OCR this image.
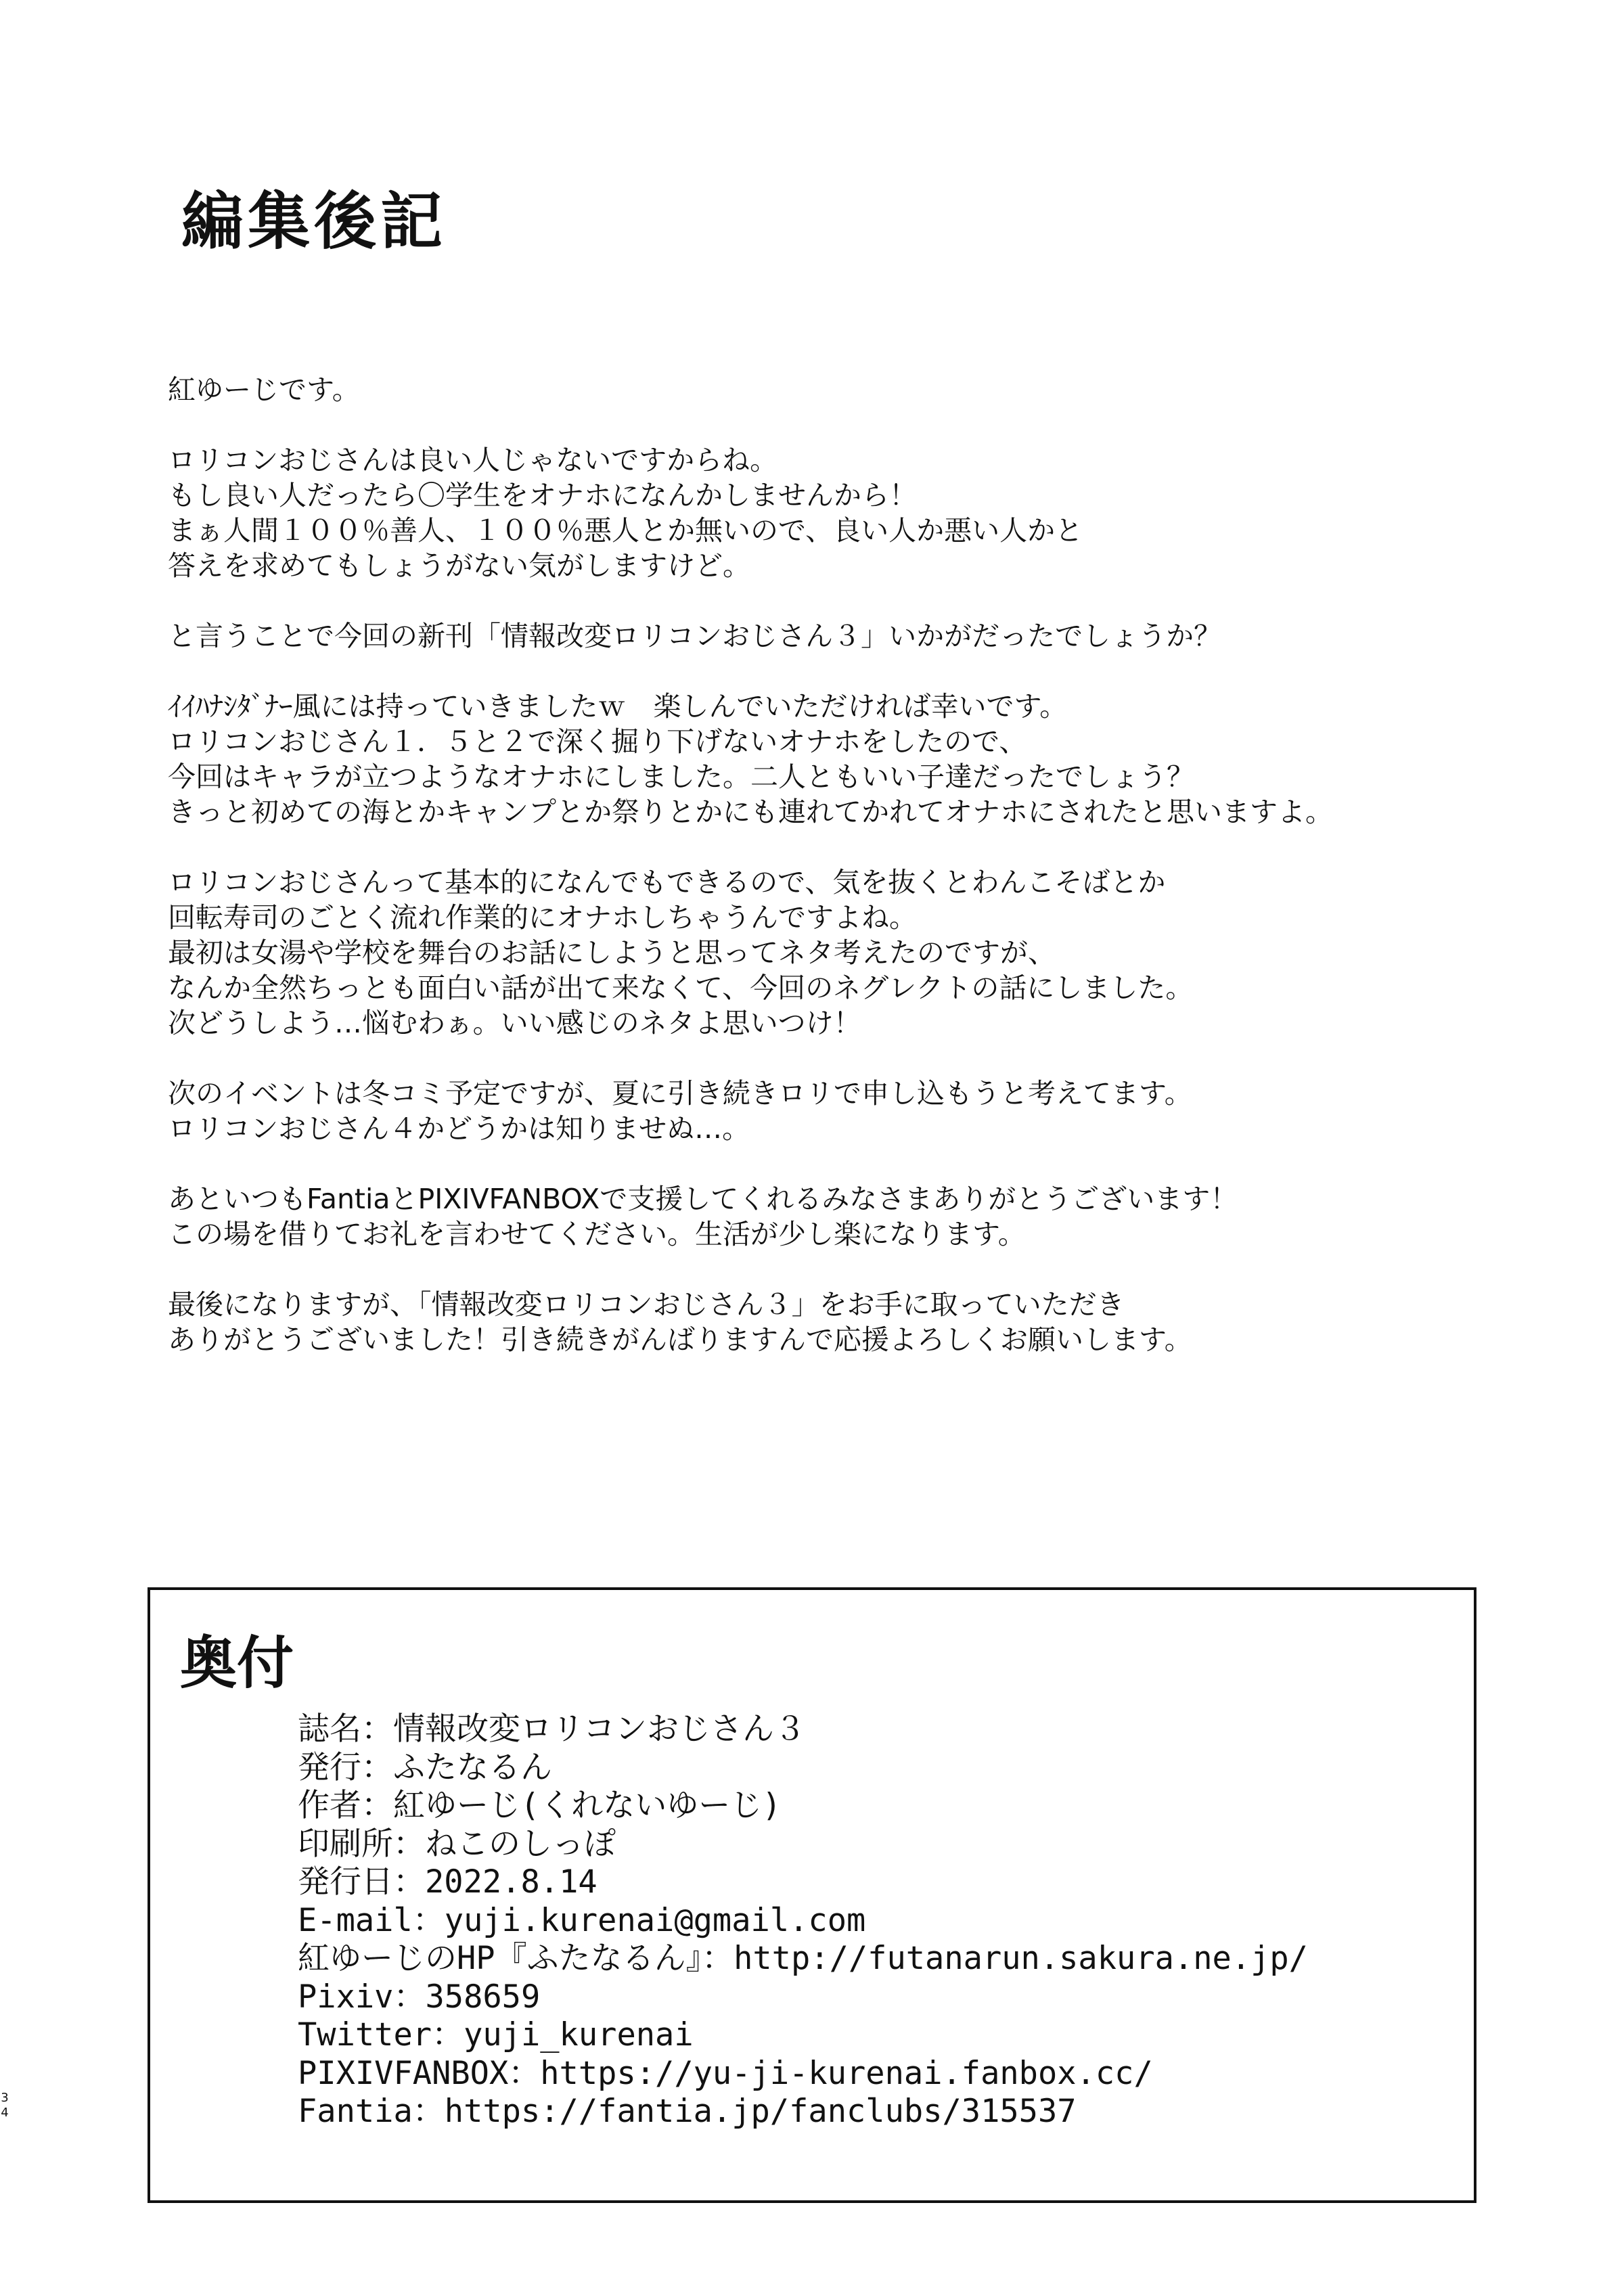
編集後記
紅ゆーじです。
ロリコンおじさんは良い人じゃないですからね。
もし良い人だったら〇学生をオナホになんかしませんから！
まぁ人間１００％善人、１００％悪人とか無いので、良い人か悪い人かと
答えを求めてもしょうがない気がしますけど。
と言うことで今回の新刊「情報改変ロリコンおじさん３」いかがだったでしょうか？
ｲｲﾊﾅｼﾀﾞﾅｰ風には持っていきましたｗ　楽しんでいただければ幸いです。
ロリコンおじさん１．５と２で深く掘り下げないオナホをしたので、
今回はキャラが立つようなオナホにしました。二人ともいい子達だったでしょう？
きっと初めての海とかキャンプとか祭りとかにも連れてかれてオナホにされたと思いますよ。
ロリコンおじさんって基本的になんでもできるので、気を抜くとわんこそばとか
回転寿司のごとく流れ作業的にオナホしちゃうんですよね。
最初は女湯や学校を舞台のお話にしようと思ってネタ考えたのですが、
なんか全然ちっとも面白い話が出て来なくて、今回のネグレクトの話にしました。
次どうしよう…悩むわぁ。いい感じのネタよ思いつけ！
次のイベントは冬コミ予定ですが、夏に引き続きロリで申し込もうと考えてます。
ロリコンおじさん４かどうかは知りませぬ…。
あといつもFantiaとPIXIVFANBOXで支援してくれるみなさまありがとうございます！
この場を借りてお礼を言わせてください。生活が少し楽になります。
最後になりますが、「情報改変ロリコンおじさん３」をお手に取っていただき
ありがとうございました！引き続きがんばりますんで応援よろしくお願いします。
奥付
誌名：情報改変ロリコンおじさん３
発行：ふたなるん
作者：紅ゆーじ(くれないゆーじ)
印刷所：ねこのしっぽ
発行日：2022.8.14
E-mail：yuji.kurenai@gmail.com
紅ゆーじのHP『ふたなるん』：http://futanarun.sakura.ne.jp/
Pixiv：358659
Twitter：yuji_kurenai
PIXIVFANBOX：https://yu-ji-kurenai.fanbox.cc/
Fantia：https://fantia.jp/fanclubs/315537
3
4
